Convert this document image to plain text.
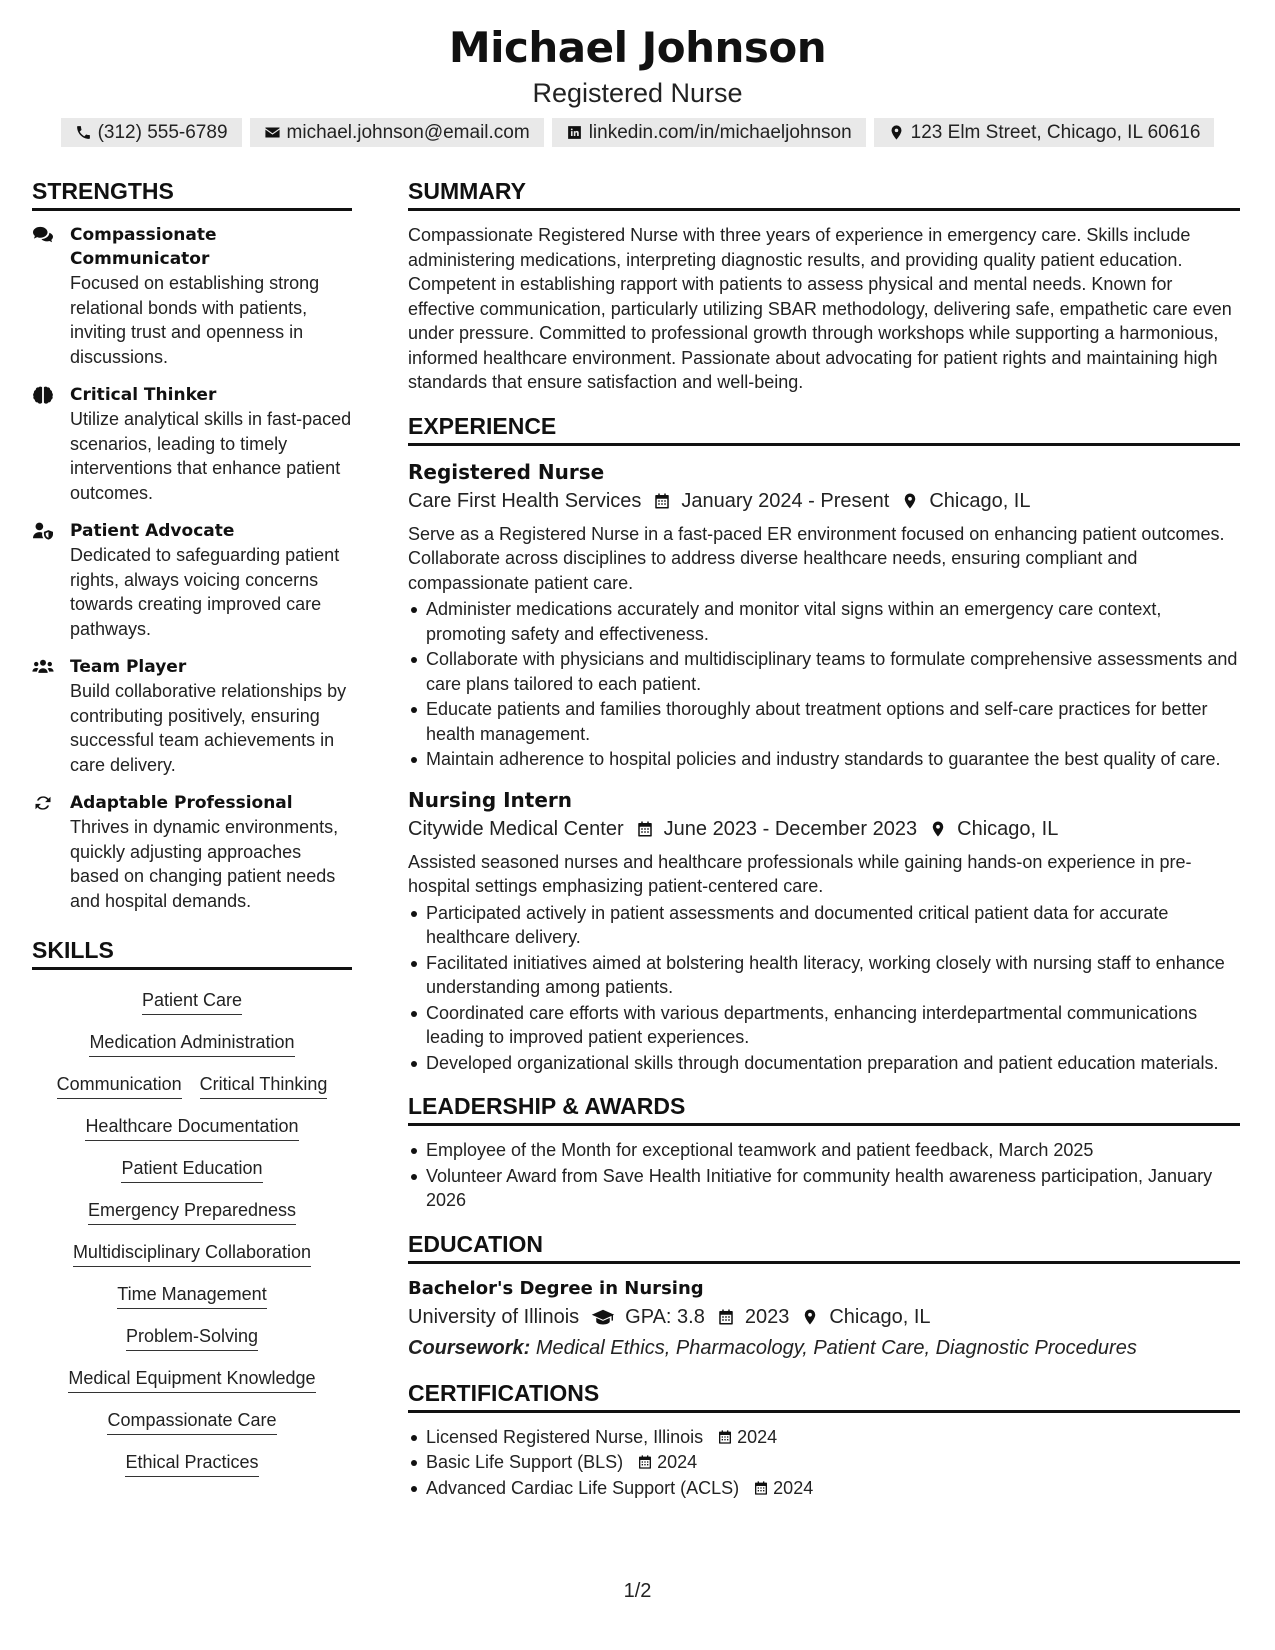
Michael Johnson
Registered Nurse
(312) 555-6789	michael.johnson@email.com	linkedin.com/in/michaeljohnson	123 Elm Street, Chicago, IL 60616
STRENGTHS
Compassionate Communicator
Focused on establishing strong relational bonds with patients, inviting trust and openness in discussions.
Critical Thinker
Utilize analytical skills in fast-paced scenarios, leading to timely interventions that enhance patient outcomes.
Patient Advocate
Dedicated to safeguarding patient rights, always voicing concerns towards creating improved care pathways.
Team Player
Build collaborative relationships by contributing positively, ensuring successful team achievements in care delivery.
Adaptable Professional
Thrives in dynamic environments, quickly adjusting approaches based on changing patient needs and hospital demands.
SKILLS
Patient Care
Medication Administration
Communication Critical Thinking
Healthcare Documentation
Patient Education
Emergency Preparedness
Multidisciplinary Collaboration
Time Management
Problem-Solving
Medical Equipment Knowledge
Compassionate Care
Ethical Practices
SUMMARY
Compassionate Registered Nurse with three years of experience in emergency care. Skills include administering medications, interpreting diagnostic results, and providing quality patient education. Competent in establishing rapport with patients to assess physical and mental needs. Known for effective communication, particularly utilizing SBAR methodology, delivering safe, empathetic care even under pressure. Committed to professional growth through workshops while supporting a harmonious, informed healthcare environment. Passionate about advocating for patient rights and maintaining high standards that ensure satisfaction and well-being.
EXPERIENCE
Registered Nurse
Care First Health Services January 2024 - Present Chicago, IL
Serve as a Registered Nurse in a fast-paced ER environment focused on enhancing patient outcomes. Collaborate across disciplines to address diverse healthcare needs, ensuring compliant and compassionate patient care.
Administer medications accurately and monitor vital signs within an emergency care context, promoting safety and effectiveness.
Collaborate with physicians and multidisciplinary teams to formulate comprehensive assessments and care plans tailored to each patient.
Educate patients and families thoroughly about treatment options and self-care practices for better health management.
Maintain adherence to hospital policies and industry standards to guarantee the best quality of care.
Nursing Intern
Citywide Medical Center June 2023 - December 2023 Chicago, IL
Assisted seasoned nurses and healthcare professionals while gaining hands-on experience in pre-hospital settings emphasizing patient-centered care.
Participated actively in patient assessments and documented critical patient data for accurate healthcare delivery.
Facilitated initiatives aimed at bolstering health literacy, working closely with nursing staff to enhance understanding among patients.
Coordinated care efforts with various departments, enhancing interdepartmental communications leading to improved patient experiences.
Developed organizational skills through documentation preparation and patient education materials.
LEADERSHIP & AWARDS
Employee of the Month for exceptional teamwork and patient feedback, March 2025
Volunteer Award from Save Health Initiative for community health awareness participation, January 2026
EDUCATION
Bachelor's Degree in Nursing
University of Illinois GPA: 3.8 2023 Chicago, IL
Coursework: Medical Ethics, Pharmacology, Patient Care, Diagnostic Procedures
CERTIFICATIONS
Licensed Registered Nurse, Illinois 2024
Basic Life Support (BLS) 2024
Advanced Cardiac Life Support (ACLS) 2024
1/2
